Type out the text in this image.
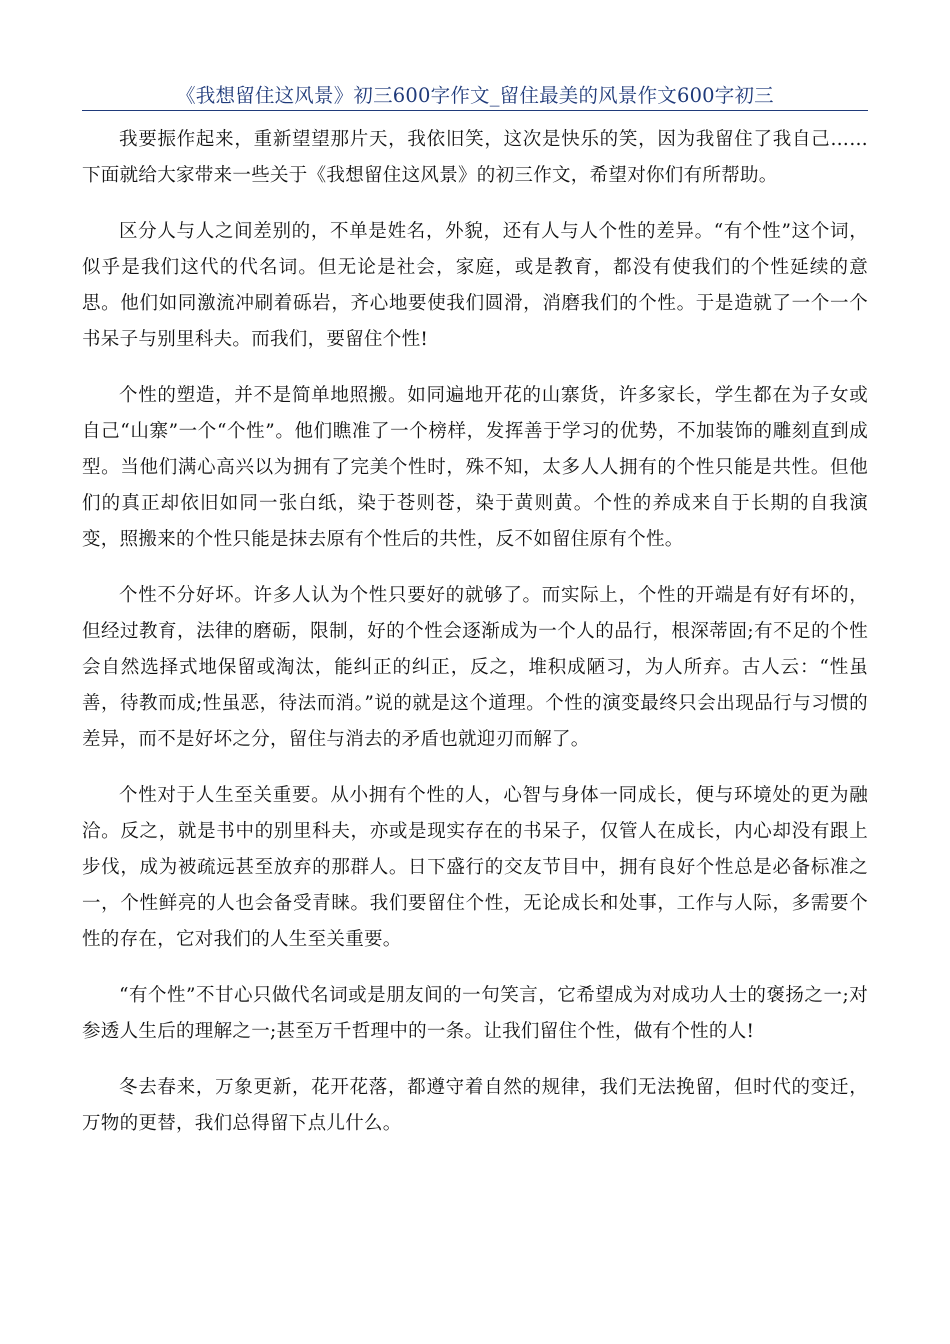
《我想留住这风景》初三600字作文_留住最美的风景作文600字初三

我要振作起来，重新望望那片天，我依旧笑，这次是快乐的笑，因为我留住了我自己……下面就给大家带来一些关于《我想留住这风景》的初三作文，希望对你们有所帮助。

区分人与人之间差别的，不单是姓名，外貌，还有人与人个性的差异。“有个性”这个词，似乎是我们这代的代名词。但无论是社会，家庭，或是教育，都没有使我们的个性延续的意思。他们如同激流冲刷着砾岩，齐心地要使我们圆滑，消磨我们的个性。于是造就了一个一个书呆子与别里科夫。而我们，要留住个性!

个性的塑造，并不是简单地照搬。如同遍地开花的山寨货，许多家长，学生都在为子女或自己“山寨”一个“个性”。他们瞧准了一个榜样，发挥善于学习的优势，不加装饰的雕刻直到成型。当他们满心高兴以为拥有了完美个性时，殊不知，太多人人拥有的个性只能是共性。但他们的真正却依旧如同一张白纸，染于苍则苍，染于黄则黄。个性的养成来自于长期的自我演变，照搬来的个性只能是抹去原有个性后的共性，反不如留住原有个性。

个性不分好坏。许多人认为个性只要好的就够了。而实际上，个性的开端是有好有坏的，但经过教育，法律的磨砺，限制，好的个性会逐渐成为一个人的品行，根深蒂固;有不足的个性会自然选择式地保留或淘汰，能纠正的纠正，反之，堆积成陋习，为人所弃。古人云：“性虽善，待教而成;性虽恶，待法而消。”说的就是这个道理。个性的演变最终只会出现品行与习惯的差异，而不是好坏之分，留住与消去的矛盾也就迎刃而解了。

个性对于人生至关重要。从小拥有个性的人，心智与身体一同成长，便与环境处的更为融洽。反之，就是书中的别里科夫，亦或是现实存在的书呆子，仅管人在成长，内心却没有跟上步伐，成为被疏远甚至放弃的那群人。日下盛行的交友节目中，拥有良好个性总是必备标准之一，个性鲜亮的人也会备受青睐。我们要留住个性，无论成长和处事，工作与人际，多需要个性的存在，它对我们的人生至关重要。

“有个性”不甘心只做代名词或是朋友间的一句笑言，它希望成为对成功人士的褒扬之一;对参透人生后的理解之一;甚至万千哲理中的一条。让我们留住个性，做有个性的人!

冬去春来，万象更新，花开花落，都遵守着自然的规律，我们无法挽留，但时代的变迁，万物的更替，我们总得留下点儿什么。
